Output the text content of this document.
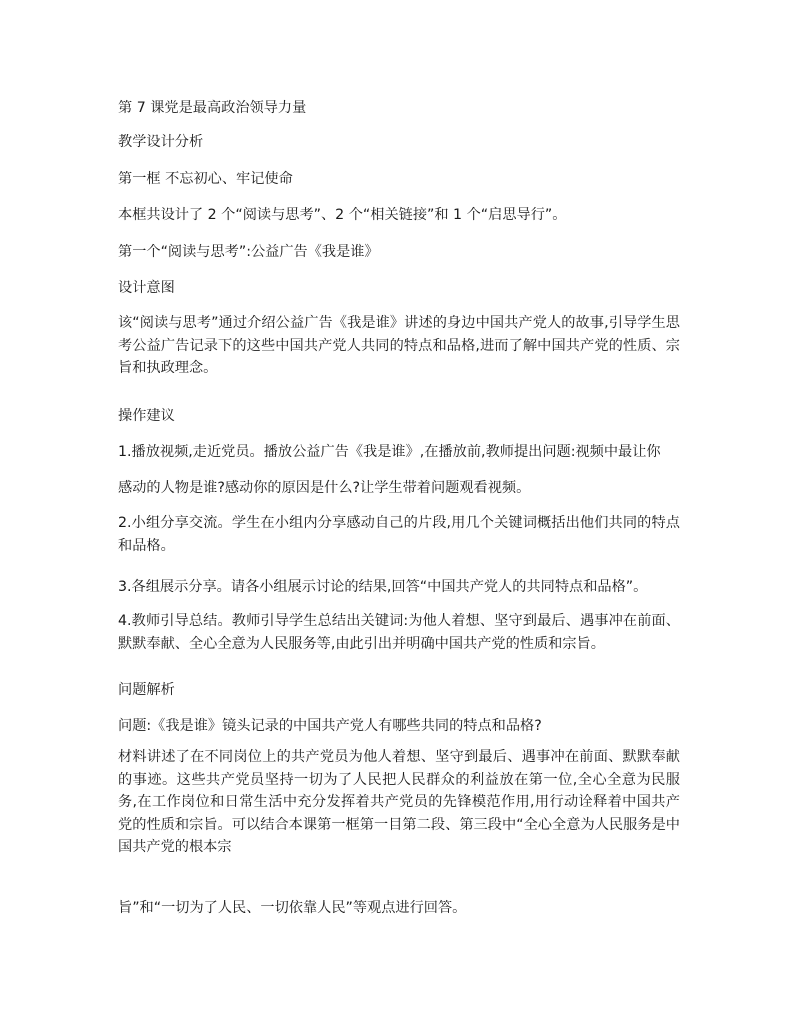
第 7 课党是最高政治领导力量
教学设计分析
第一框 不忘初心、牢记使命
本框共设计了 2 个“阅读与思考”、2 个“相关链接”和 1 个“启思导行”。
第一个“阅读与思考”:公益广告《我是谁》
设计意图
该“阅读与思考”通过介绍公益广告《我是谁》讲述的身边中国共产党人的故事,引导学生思考公益广告记录下的这些中国共产党人共同的特点和品格,进而了解中国共产党的性质、宗旨和执政理念。
操作建议
1.播放视频,走近党员。播放公益广告《我是谁》,在播放前,教师提出问题:视频中最让你
感动的人物是谁?感动你的原因是什么?让学生带着问题观看视频。
2.小组分享交流。学生在小组内分享感动自己的片段,用几个关键词概括出他们共同的特点和品格。
3.各组展示分享。请各小组展示讨论的结果,回答“中国共产党人的共同特点和品格”。
4.教师引导总结。教师引导学生总结出关键词:为他人着想、坚守到最后、遇事冲在前面、默默奉献、全心全意为人民服务等,由此引出并明确中国共产党的性质和宗旨。
问题解析
问题:《我是谁》镜头记录的中国共产党人有哪些共同的特点和品格?
材料讲述了在不同岗位上的共产党员为他人着想、坚守到最后、遇事冲在前面、默默奉献的事迹。这些共产党员坚持一切为了人民把人民群众的利益放在第一位,全心全意为民服务,在工作岗位和日常生活中充分发挥着共产党员的先锋模范作用,用行动诠释着中国共产党的性质和宗旨。可以结合本课第一框第一目第二段、第三段中“全心全意为人民服务是中国共产党的根本宗
旨”和“一切为了人民、一切依靠人民”等观点进行回答。
